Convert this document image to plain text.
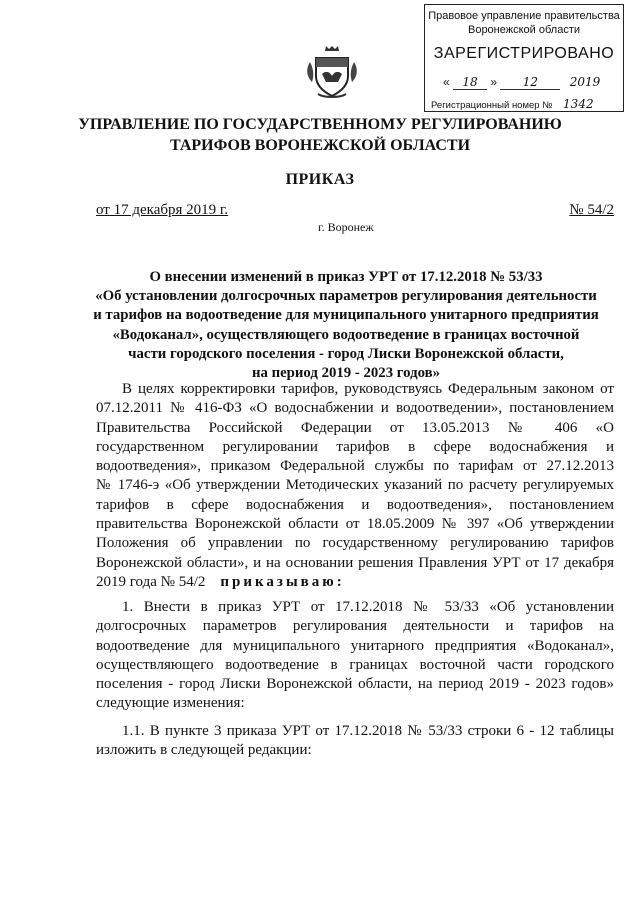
Правовое управление правительства
Воронежской области
ЗАРЕГИСТРИРОВАНО
« 18 » 12	2019
Регистрационный номер № 1342
УПРАВЛЕНИЕ ПО ГОСУДАРСТВЕННОМУ РЕГУЛИРОВАНИЮ
ТАРИФОВ ВОРОНЕЖСКОЙ ОБЛАСТИ
ПРИКАЗ
от 17 декабря 2019 г.	№ 54/2
г. Воронеж
О внесении изменений в приказ УРТ от 17.12.2018 № 53/33
«Об установлении долгосрочных параметров регулирования деятельности
и тарифов на водоотведение для муниципального унитарного предприятия
«Водоканал», осуществляющего водоотведение в границах восточной
части городского поселения - город Лиски Воронежской области,
на период 2019 - 2023 годов»
В целях корректировки тарифов, руководствуясь Федеральным законом от
07.12.2011 № 416-ФЗ «О водоснабжении и водоотведении», постановлением
Правительства Российской Федерации от 13.05.2013 № 406 «О
государственном регулировании тарифов в сфере водоснабжения и
водоотведения», приказом Федеральной службы по тарифам от 27.12.2013
№ 1746-э «Об утверждении Методических указаний по расчету регулируемых
тарифов в сфере водоснабжения и водоотведения», постановлением
правительства Воронежской области от 18.05.2009 № 397 «Об утверждении
Положения об управлении по государственному регулированию тарифов
Воронежской области», и на основании решения Правления УРТ от 17 декабря
2019 года № 54/2 приказываю:
1. Внести в приказ УРТ от 17.12.2018 № 53/33 «Об установлении
долгосрочных параметров регулирования деятельности и тарифов на
водоотведение для муниципального унитарного предприятия «Водоканал»,
осуществляющего водоотведение в границах восточной части городского
поселения - город Лиски Воронежской области, на период 2019 - 2023 годов»
следующие изменения:
1.1. В пункте 3 приказа УРТ от 17.12.2018 № 53/33 строки 6 - 12 таблицы
изложить в следующей редакции:
